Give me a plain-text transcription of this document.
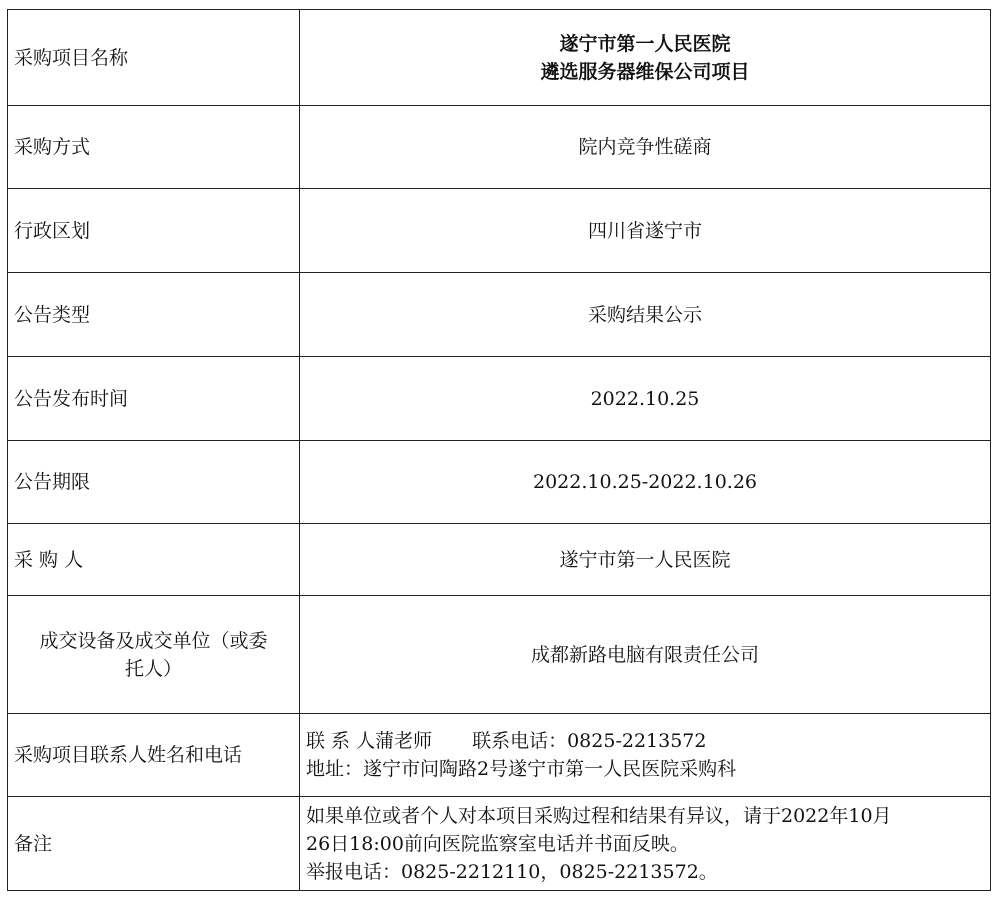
采购项目名称	遂宁市第一人民医院
遴选服务器维保公司项目

采购方式	院内竞争性磋商
行政区划	四川省遂宁市
公告类型	采购结果公示
公告发布时间	2022.10.25
公告期限	2022.10.25-2022.10.26
采 购 人	遂宁市第一人民医院

成交设备及成交单位（或委
托人）	成都新路电脑有限责任公司
采购项目联系人姓名和电话	联 系 人蒲老师 联系电话：0825-2213572
地址：遂宁市问陶路2号遂宁市第一人民医院采购科

备注	如果单位或者个人对本项目采购过程和结果有异议，请于2022年10月
26日18:00前向医院监察室电话并书面反映。
举报电话：0825-2212110，0825-2213572。
